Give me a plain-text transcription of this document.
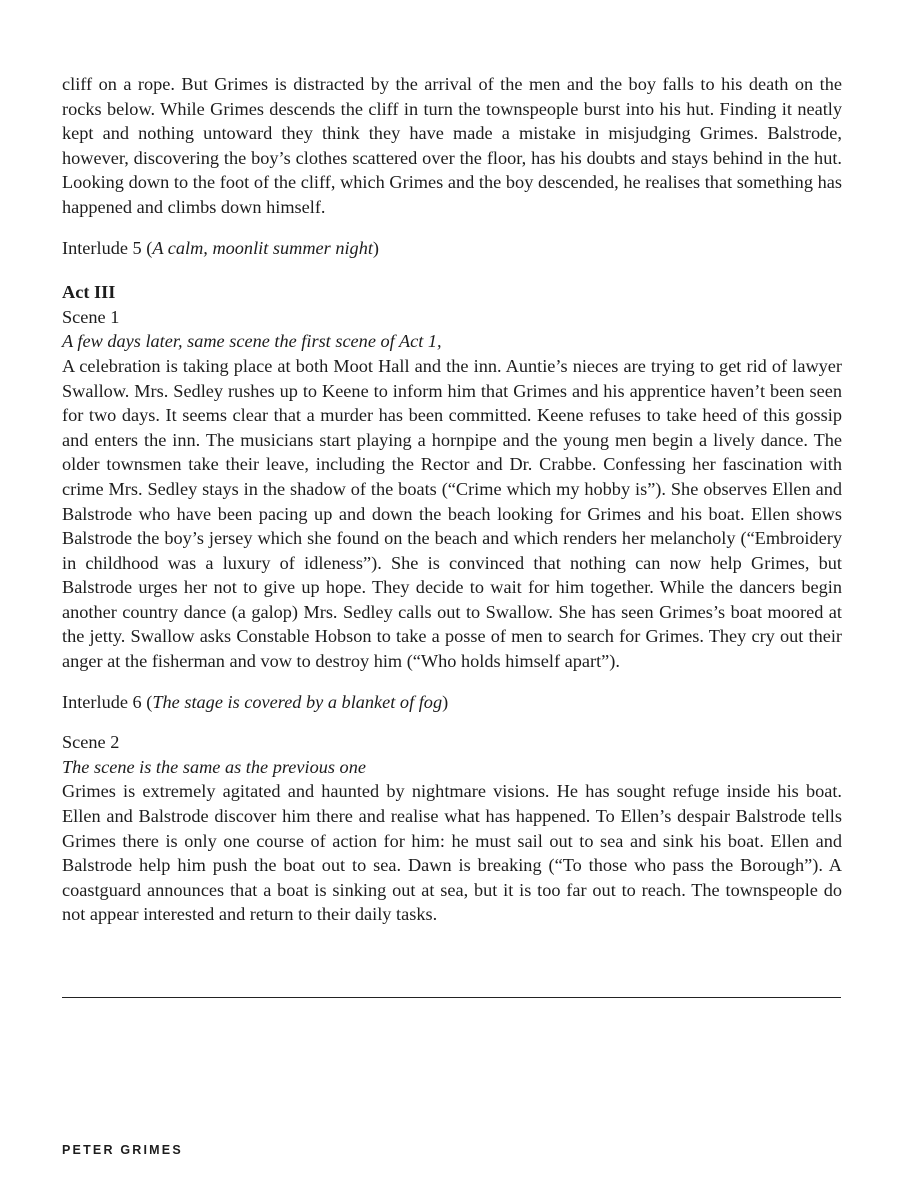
cliff on a rope. But Grimes is distracted by the arrival of the men and the boy falls to his death on the rocks below. While Grimes descends the cliff in turn the townspeople burst into his hut. Finding it neatly kept and nothing untoward they think they have made a mistake in misjudging Grimes. Balstrode, however, discovering the boy’s clothes scattered over the floor, has his doubts and stays behind in the hut. Looking down to the foot of the cliff, which Grimes and the boy descended, he realises that something has happened and climbs down himself.

Interlude 5 (A calm, moonlit summer night)
Act III
Scene 1
A few days later, same scene the first scene of Act 1,

A celebration is taking place at both Moot Hall and the inn. Auntie’s nieces are trying to get rid of lawyer Swallow. Mrs. Sedley rushes up to Keene to inform him that Grimes and his apprentice haven’t been seen for two days. It seems clear that a murder has been committed. Keene refuses to take heed of this gossip and enters the inn. The musicians start playing a hornpipe and the young men begin a lively dance. The older townsmen take their leave, including the Rector and Dr. Crabbe. Confessing her fascination with crime Mrs. Sedley stays in the shadow of the boats (“Crime which my hobby is”). She observes Ellen and Balstrode who have been pacing up and down the beach looking for Grimes and his boat. Ellen shows Balstrode the boy’s jersey which she found on the beach and which renders her melancholy (“Embroidery in childhood was a luxury of idleness”). She is convinced that nothing can now help Grimes, but Balstrode urges her not to give up hope. They decide to wait for him together. While the dancers begin another country dance (a galop) Mrs. Sedley calls out to Swallow. She has seen Grimes’s boat moored at the jetty. Swallow asks Constable Hobson to take a posse of men to search for Grimes. They cry out their anger at the fisherman and vow to destroy him (“Who holds himself apart”).

Interlude 6 (The stage is covered by a blanket of fog)
Scene 2
The scene is the same as the previous one

Grimes is extremely agitated and haunted by nightmare visions. He has sought refuge inside his boat. Ellen and Balstrode discover him there and realise what has happened. To Ellen’s despair Balstrode tells Grimes there is only one course of action for him: he must sail out to sea and sink his boat. Ellen and Balstrode help him push the boat out to sea. Dawn is breaking (“To those who pass the Borough”). A coastguard announces that a boat is sinking out at sea, but it is too far out to reach. The townspeople do not appear interested and return to their daily tasks.

PETER GRIMES
